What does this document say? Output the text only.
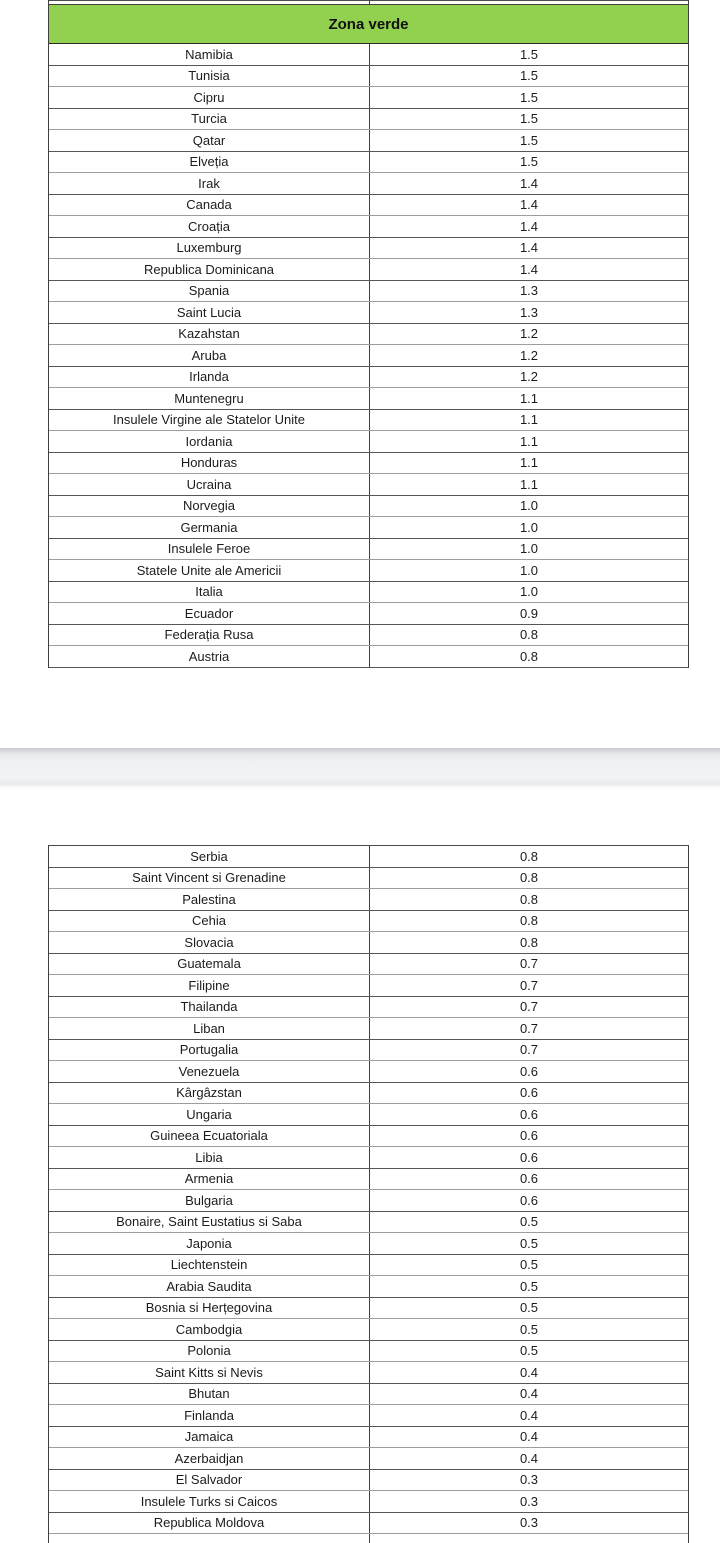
Zona verde
Namibia	1.5
Tunisia	1.5
Cipru	1.5
Turcia	1.5
Qatar	1.5
Elveția	1.5
Irak	1.4
Canada	1.4
Croația	1.4
Luxemburg	1.4
Republica Dominicana	1.4
Spania	1.3
Saint Lucia	1.3
Kazahstan	1.2
Aruba	1.2
Irlanda	1.2
Muntenegru	1.1
Insulele Virgine ale Statelor Unite	1.1
Iordania	1.1
Honduras	1.1
Ucraina	1.1
Norvegia	1.0
Germania	1.0
Insulele Feroe	1.0
Statele Unite ale Americii	1.0
Italia	1.0
Ecuador	0.9
Federația Rusa	0.8
Austria	0.8
Serbia	0.8
Saint Vincent si Grenadine	0.8
Palestina	0.8
Cehia	0.8
Slovacia	0.8
Guatemala	0.7
Filipine	0.7
Thailanda	0.7
Liban	0.7
Portugalia	0.7
Venezuela	0.6
Kârgâzstan	0.6
Ungaria	0.6
Guineea Ecuatoriala	0.6
Libia	0.6
Armenia	0.6
Bulgaria	0.6
Bonaire, Saint Eustatius si Saba	0.5
Japonia	0.5
Liechtenstein	0.5
Arabia Saudita	0.5
Bosnia si Herțegovina	0.5
Cambodgia	0.5
Polonia	0.5
Saint Kitts si Nevis	0.4
Bhutan	0.4
Finlanda	0.4
Jamaica	0.4
Azerbaidjan	0.4
El Salvador	0.3
Insulele Turks si Caicos	0.3
Republica Moldova	0.3
